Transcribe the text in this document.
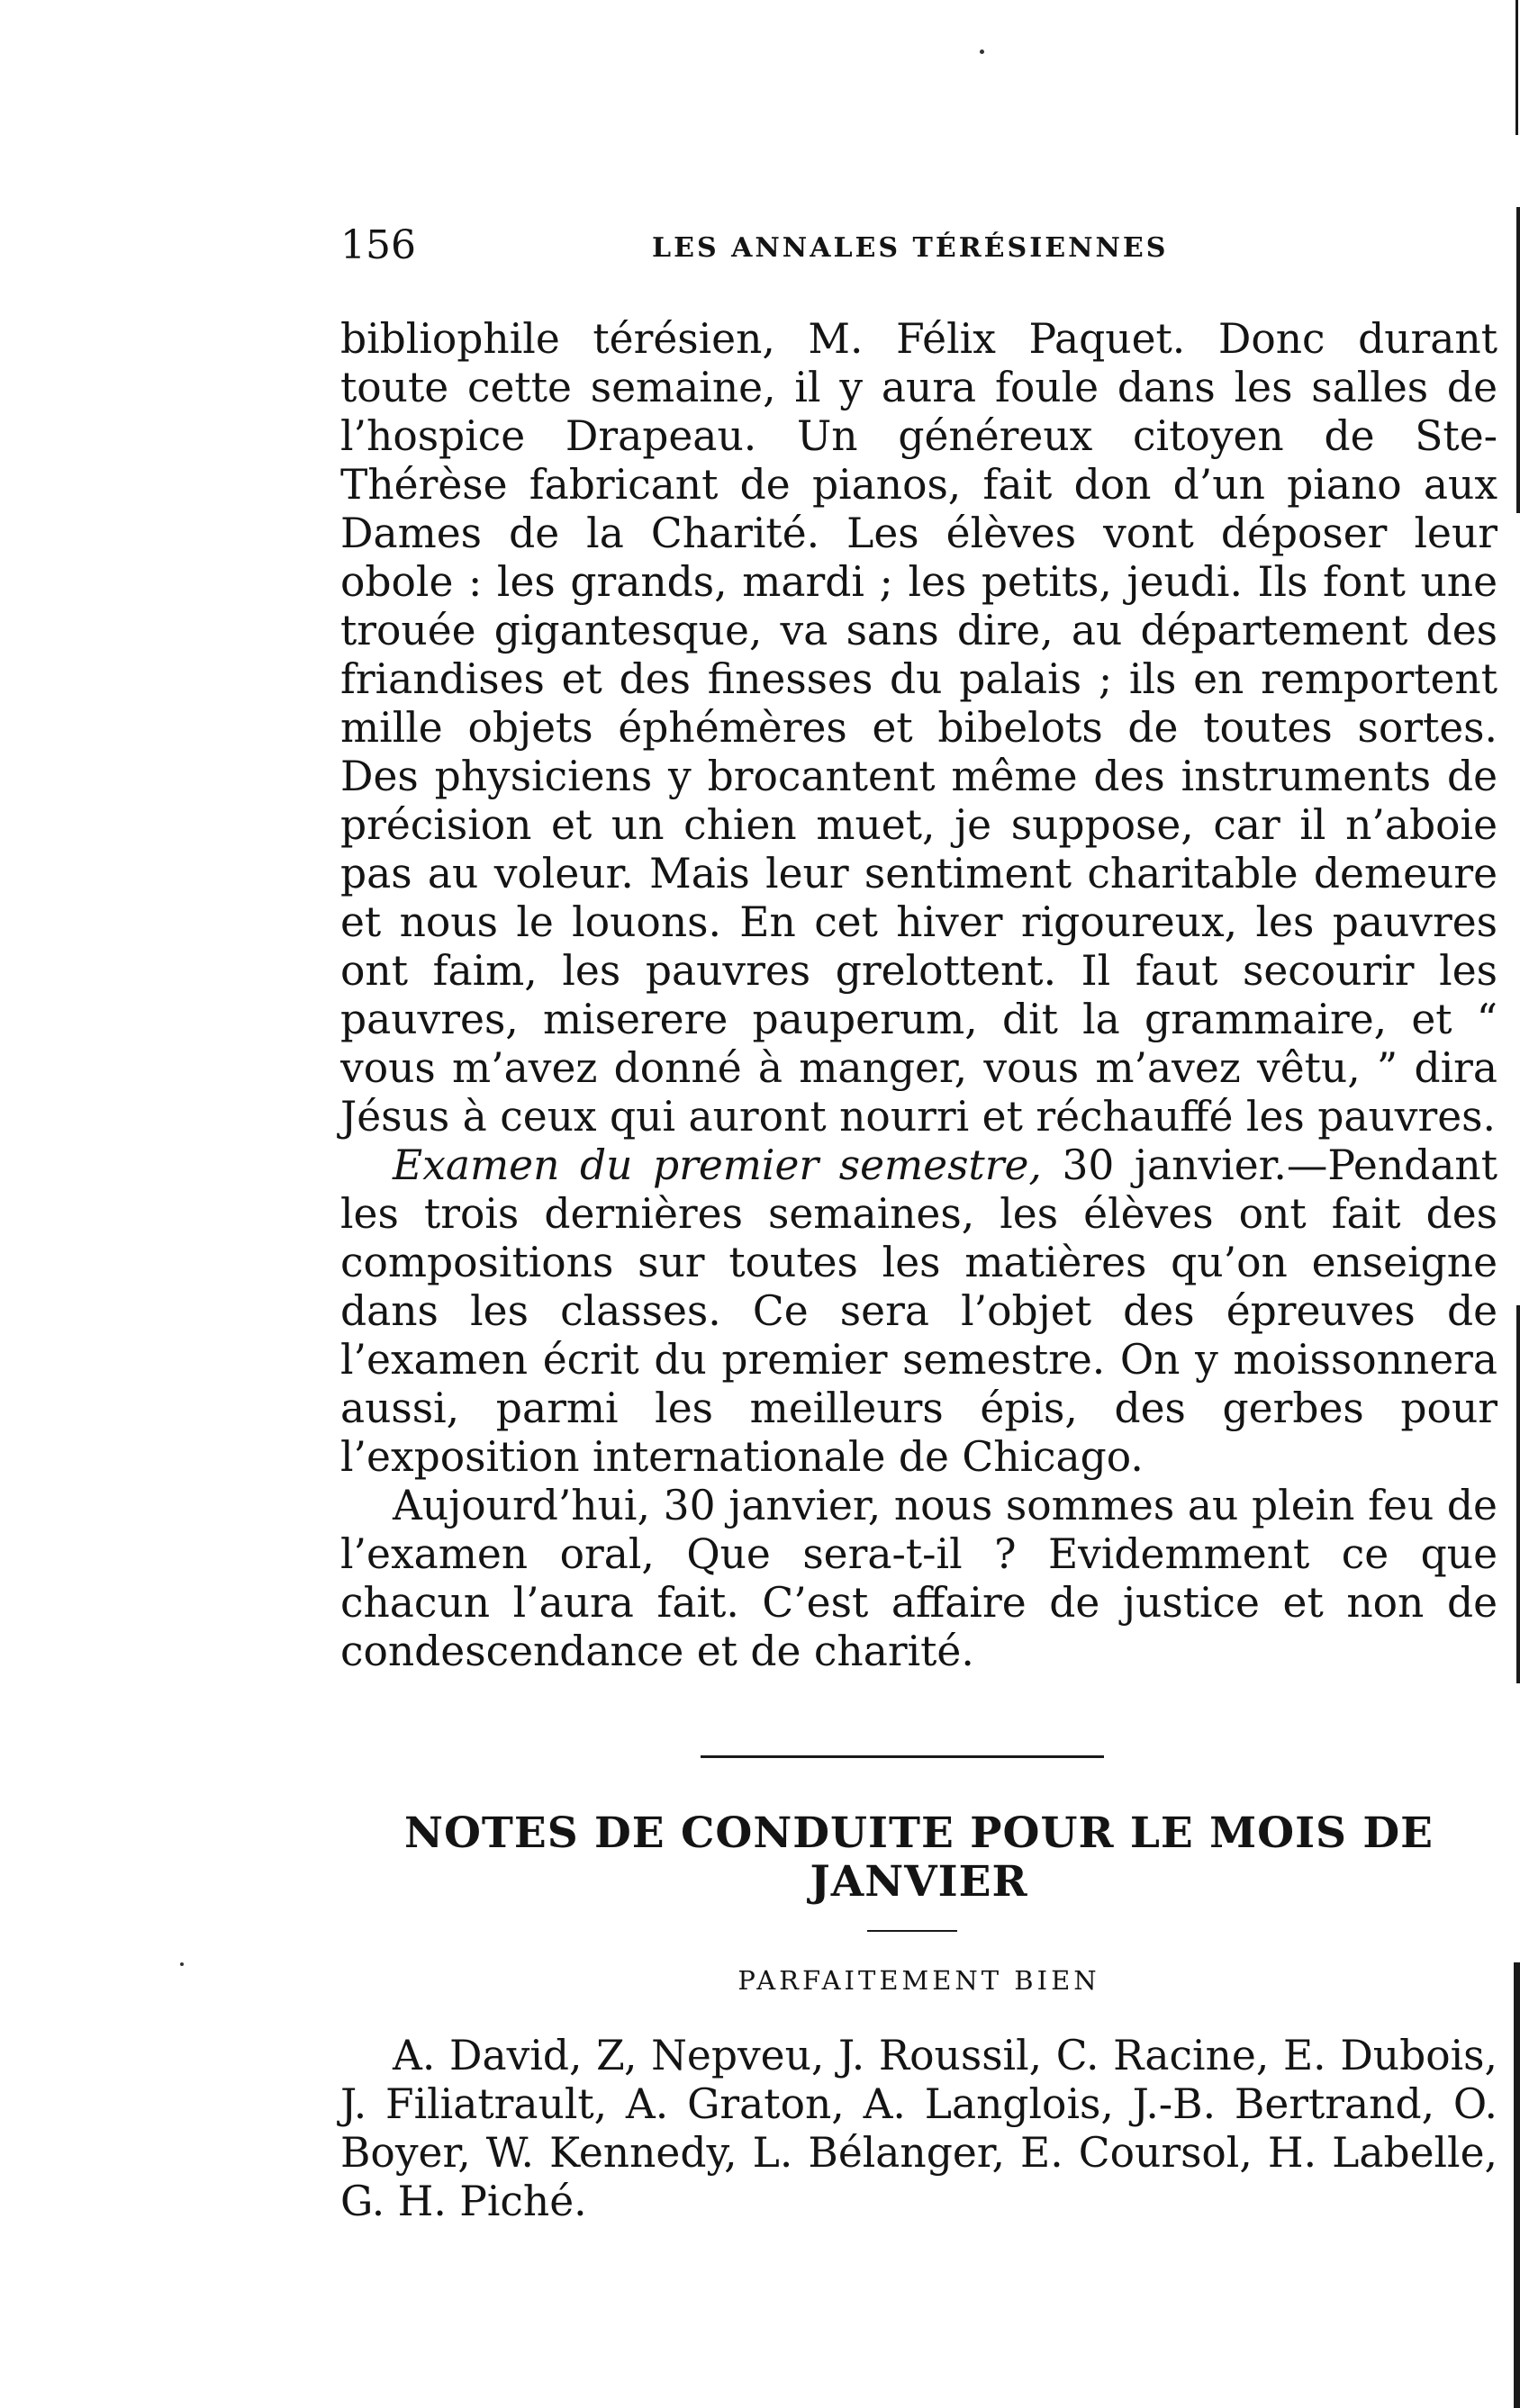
156	LES ANNALES TÉRÉSIENNES

bibliophile térésien, M. Félix Paquet. Donc durant toute cette semaine, il y aura foule dans les salles de l’hospice Drapeau. Un généreux citoyen de Ste-Thérèse fabricant de pianos, fait don d’un piano aux Dames de la Charité. Les élèves vont déposer leur obole : les grands, mardi ; les petits, jeudi. Ils font une trouée gigantesque, va sans dire, au département des friandises et des finesses du palais ; ils en remportent mille objets éphémères et bibelots de toutes sortes. Des physiciens y brocantent même des instruments de précision et un chien muet, je suppose, car il n’aboie pas au voleur. Mais leur sentiment charitable demeure et nous le louons. En cet hiver rigoureux, les pauvres ont faim, les pauvres grelottent. Il faut secourir les pauvres, miserere pauperum, dit la grammaire, et “ vous m’avez donné à manger, vous m’avez vêtu, ” dira Jésus à ceux qui auront nourri et réchauffé les pauvres.

Examen du premier semestre, 30 janvier.—Pendant les trois dernières semaines, les élèves ont fait des compositions sur toutes les matières qu’on enseigne dans les classes. Ce sera l’objet des épreuves de l’examen écrit du premier semestre. On y moissonnera aussi, parmi les meilleurs épis, des gerbes pour l’exposition internationale de Chicago.

Aujourd’hui, 30 janvier, nous sommes au plein feu de l’examen oral, Que sera-t-il ? Evidemment ce que chacun l’aura fait. C’est affaire de justice et non de condescendance et de charité.

NOTES DE CONDUITE POUR LE MOIS DE JANVIER
PARFAITEMENT BIEN
A. David, Z, Nepveu, J. Roussil, C. Racine, E. Dubois, J. Filiatrault, A. Graton, A. Langlois, J.-B. Bertrand, O. Boyer, W. Kennedy, L. Bélanger, E. Coursol, H. Labelle, G. H. Piché.
